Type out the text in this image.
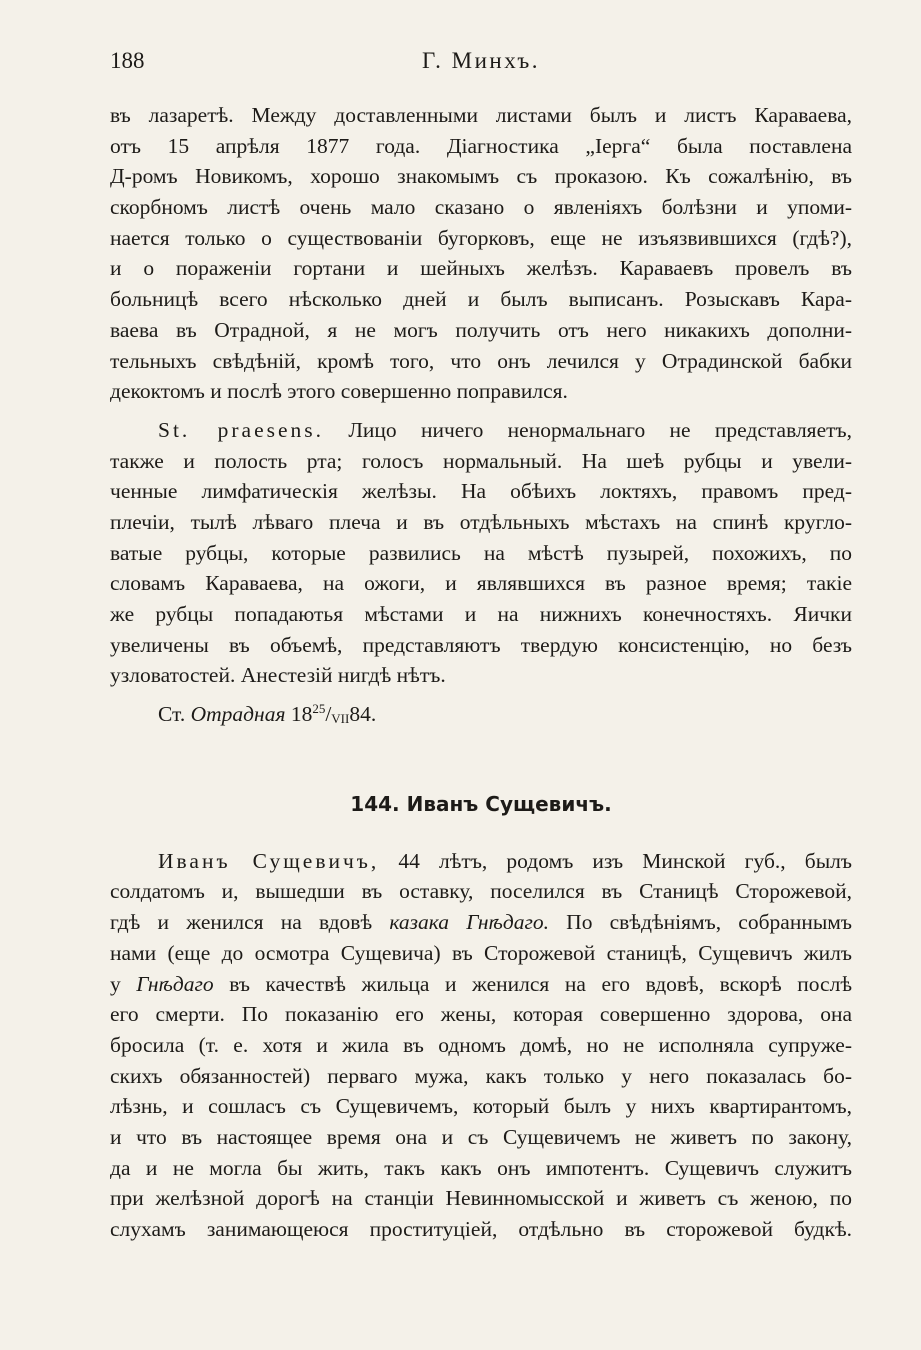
188	Г. Минхъ.
въ лазаретѣ. Между доставленными листами былъ и листъ Караваева,
отъ 15 апрѣля 1877 года. Діагностика „Iерга“ была поставлена
Д-ромъ Новикомъ, хорошо знакомымъ съ проказою. Къ сожалѣнію, въ
скорбномъ листѣ очень мало сказано о явленіяхъ болѣзни и упоми-
нается только о существованіи бугорковъ, еще не изъязвившихся (гдѣ?),
и о пораженіи гортани и шейныхъ желѣзъ. Караваевъ провелъ въ
больницѣ всего нѣсколько дней и былъ выписанъ. Розыскавъ Кара-
ваева въ Отрадной, я не могъ получить отъ него никакихъ дополни-
тельныхъ свѣдѣній, кромѣ того, что онъ лечился у Отрадинской бабки
декоктомъ и послѣ этого совершенно поправился.
St. praesens. Лицо ничего ненормальнаго не представляетъ,
также и полость рта; голосъ нормальный. На шеѣ рубцы и увели-
ченные лимфатическія желѣзы. На обѣихъ локтяхъ, правомъ пред-
плечіи, тылѣ лѣваго плеча и въ отдѣльныхъ мѣстахъ на спинѣ кругло-
ватые рубцы, которые развились на мѣстѣ пузырей, похожихъ, по
словамъ Караваева, на ожоги, и являвшихся въ разное время; такіе
же рубцы попадаютья мѣстами и на нижнихъ конечностяхъ. Яички
увеличены въ объемѣ, представляютъ твердую консистенцію, но безъ
узловатостей. Анестезій нигдѣ нѣтъ.
Ст. Отрадная $18^{25}/_{VII}84$.
144. Иванъ Сущевичъ.
Иванъ Сущевичъ, 44 лѣтъ, родомъ изъ Минской губ., былъ
солдатомъ и, вышедши въ оставку, поселился въ Станицѣ Сторожевой,
гдѣ и женился на вдовѣ казака Гнѣдаго. По свѣдѣніямъ, собраннымъ
нами (еще до осмотра Сущевича) въ Сторожевой станицѣ, Сущевичъ жилъ
у Гнѣдаго въ качествѣ жильца и женился на его вдовѣ, вскорѣ послѣ
его смерти. По показанію его жены, которая совершенно здорова, она
бросила (т. е. хотя и жила въ одномъ домѣ, но не исполняла супруже-
скихъ обязанностей) перваго мужа, какъ только у него показалась бо-
лѣзнь, и сошласъ съ Сущевичемъ, который былъ у нихъ квартирантомъ,
и что въ настоящее время она и съ Сущевичемъ не живетъ по закону,
да и не могла бы жить, такъ какъ онъ импотентъ. Сущевичъ служитъ
при желѣзной дорогѣ на станціи Невинномысской и живетъ съ женою, по
слухамъ занимающеюся проституціей, отдѣльно въ сторожевой будкѣ.
